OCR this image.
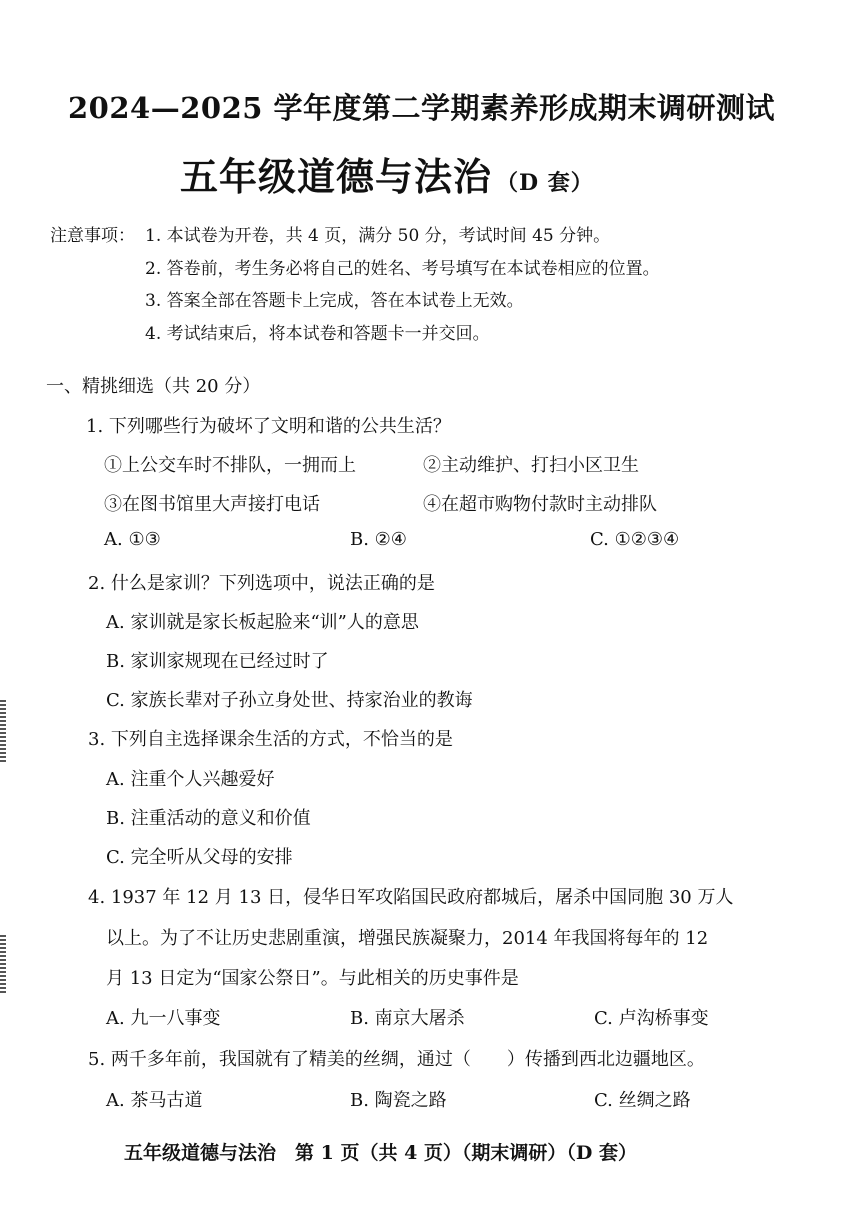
2024—2025 学年度第二学期素养形成期末调研测试
五年级道德与法治 （D 套）
注意事项： 1. 本试卷为开卷，共 4 页，满分 50 分，考试时间 45 分钟。
2. 答卷前，考生务必将自己的姓名、考号填写在本试卷相应的位置。
3. 答案全部在答题卡上完成，答在本试卷上无效。
4. 考试结束后，将本试卷和答题卡一并交回。
一、精挑细选（共 20 分）
1. 下列哪些行为破坏了文明和谐的公共生活？
①上公交车时不排队，一拥而上	②主动维护、打扫小区卫生
③在图书馆里大声接打电话	④在超市购物付款时主动排队
A. ①③	B. ②④	C. ①②③④
2. 什么是家训？下列选项中，说法正确的是
A. 家训就是家长板起脸来“训”人的意思
B. 家训家规现在已经过时了
C. 家族长辈对子孙立身处世、持家治业的教诲
3. 下列自主选择课余生活的方式，不恰当的是
A. 注重个人兴趣爱好
B. 注重活动的意义和价值
C. 完全听从父母的安排
4. 1937 年 12 月 13 日，侵华日军攻陷国民政府都城后，屠杀中国同胞 30 万人
以上。为了不让历史悲剧重演，增强民族凝聚力，2014 年我国将每年的 12
月 13 日定为“国家公祭日”。与此相关的历史事件是
A. 九一八事变	B. 南京大屠杀	C. 卢沟桥事变
5. 两千多年前，我国就有了精美的丝绸，通过（　　）传播到西北边疆地区。
A. 茶马古道	B. 陶瓷之路	C. 丝绸之路
五年级道德与法治　第 1 页（共 4 页）（期末调研）（D 套）
